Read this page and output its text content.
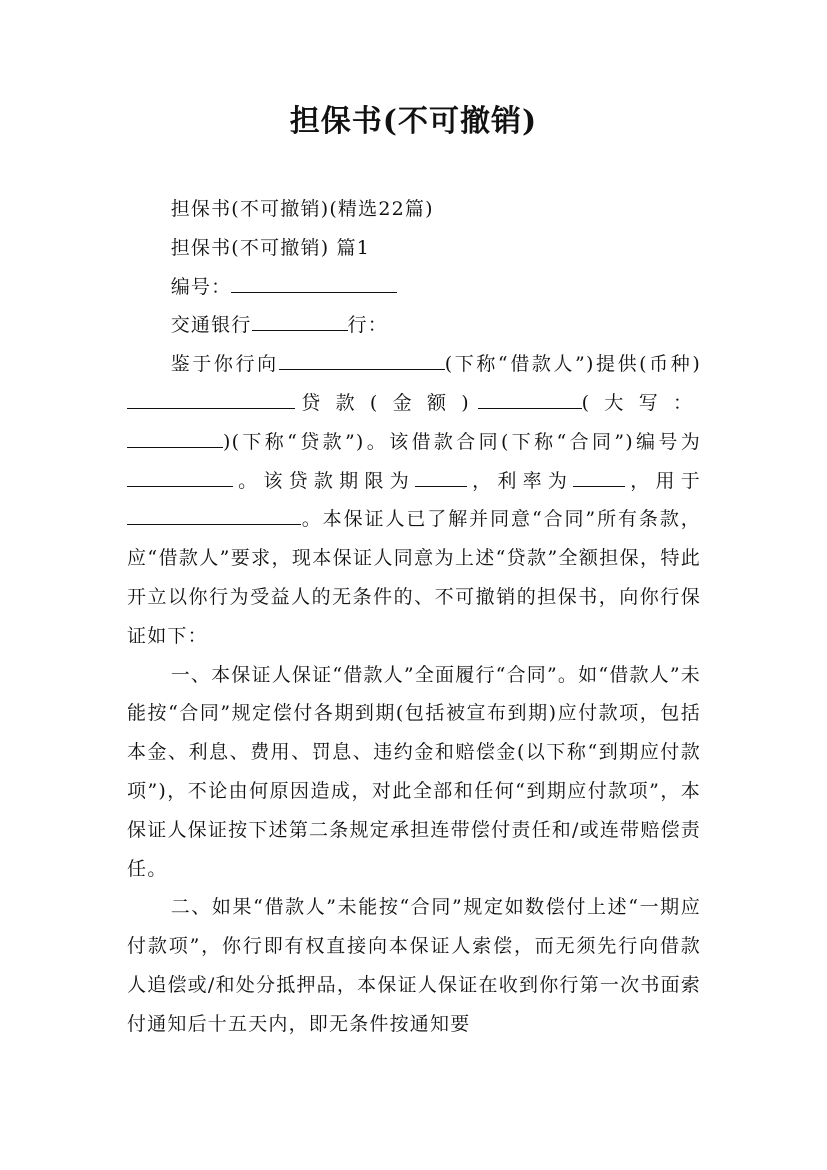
担保书(不可撤销)

担保书(不可撤销)(精选22篇)

担保书(不可撤销) 篇1

编号：

交通银行	行：

鉴于你行向	(下称“借款人”)提供(币种)贷款(金额)	(大写：)(下称“贷款”)。该借款合同(下称“合同”)编号为。该贷款期限为	，利率为	，用于。本保证人已了解并同意“合同”所有条款，应“借款人”要求，现本保证人同意为上述“贷款”全额担保，特此开立以你行为受益人的无条件的、不可撤销的担保书，向你行保证如下：

一、本保证人保证“借款人”全面履行“合同”。如“借款人”未能按“合同”规定偿付各期到期(包括被宣布到期)应付款项，包括本金、利息、费用、罚息、违约金和赔偿金(以下称“到期应付款项”)，不论由何原因造成，对此全部和任何“到期应付款项”，本保证人保证按下述第二条规定承担连带偿付责任和/或连带赔偿责任。

二、如果“借款人”未能按“合同”规定如数偿付上述“一期应付款项”，你行即有权直接向本保证人索偿，而无须先行向借款人追偿或/和处分抵押品，本保证人保证在收到你行第一次书面索付通知后十五天内，即无条件按通知要
